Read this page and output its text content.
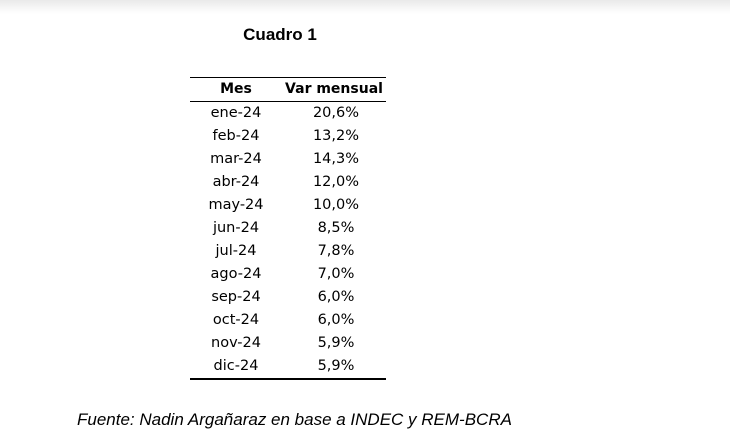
Cuadro 1
Mes	Var mensual
ene-24	20,6%
feb-24	13,2%
mar-24	14,3%
abr-24	12,0%
may-24	10,0%
jun-24	8,5%
jul-24	7,8%
ago-24	7,0%
sep-24	6,0%
oct-24	6,0%
nov-24	5,9%
dic-24	5,9%
Fuente: Nadin Argañaraz en base a INDEC y REM-BCRA
